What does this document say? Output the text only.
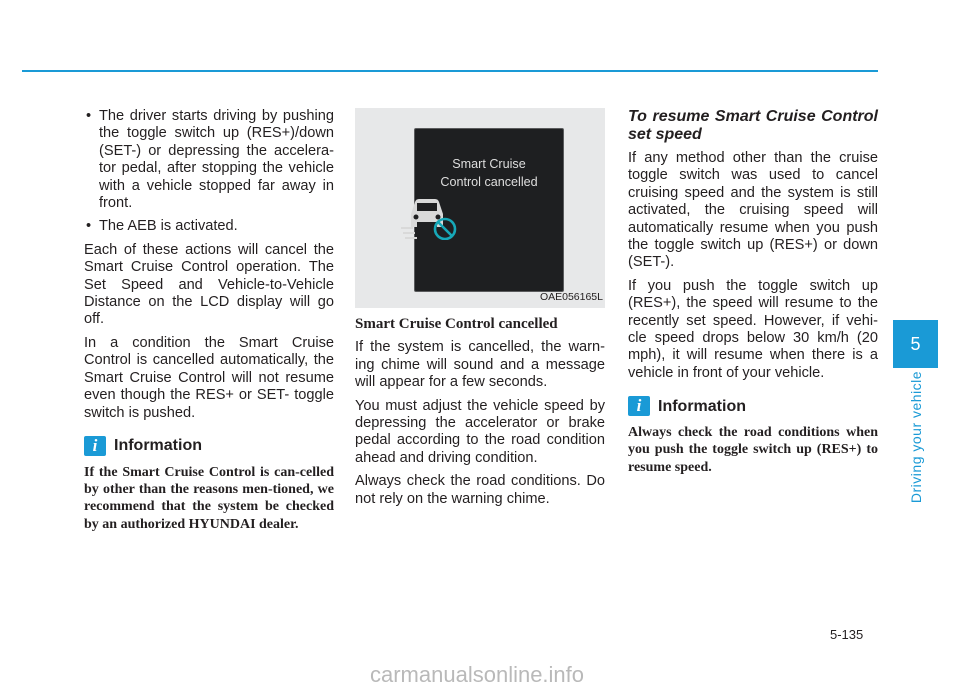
• The driver starts driving by pushing the toggle switch up (RES+)/down (SET-) or depressing the accelera-tor pedal, after stopping the vehicle with a vehicle stopped far away in front.
• The AEB is activated.

Each of these actions will cancel the Smart Cruise Control operation. The Set Speed and Vehicle-to-Vehicle Distance on the LCD display will go off.

In a condition the Smart Cruise Control is cancelled automatically, the Smart Cruise Control will not resume even though the RES+ or SET- toggle switch is pushed.

i	Information

If the Smart Cruise Control is can-celled by other than the reasons men-tioned, we recommend that the system be checked by an authorized HYUNDAI dealer.

Smart Cruise
Control cancelled
OAE056165L

Smart Cruise Control cancelled

If the system is cancelled, the warn-ing chime will sound and a message will appear for a few seconds.

You must adjust the vehicle speed by depressing the accelerator or brake pedal according to the road condition ahead and driving condition.

Always check the road conditions. Do not rely on the warning chime.

To resume Smart Cruise Control set speed

If any method other than the cruise toggle switch was used to cancel cruising speed and the system is still activated, the cruising speed will automatically resume when you push the toggle switch up (RES+) or down (SET-).

If you push the toggle switch up (RES+), the speed will resume to the recently set speed. However, if vehi-cle speed drops below 30 km/h (20 mph), it will resume when there is a vehicle in front of your vehicle.

i	Information

Always check the road conditions when you push the toggle switch up (RES+) to resume speed.

5
Driving your vehicle
5-135
carmanualsonline.info
